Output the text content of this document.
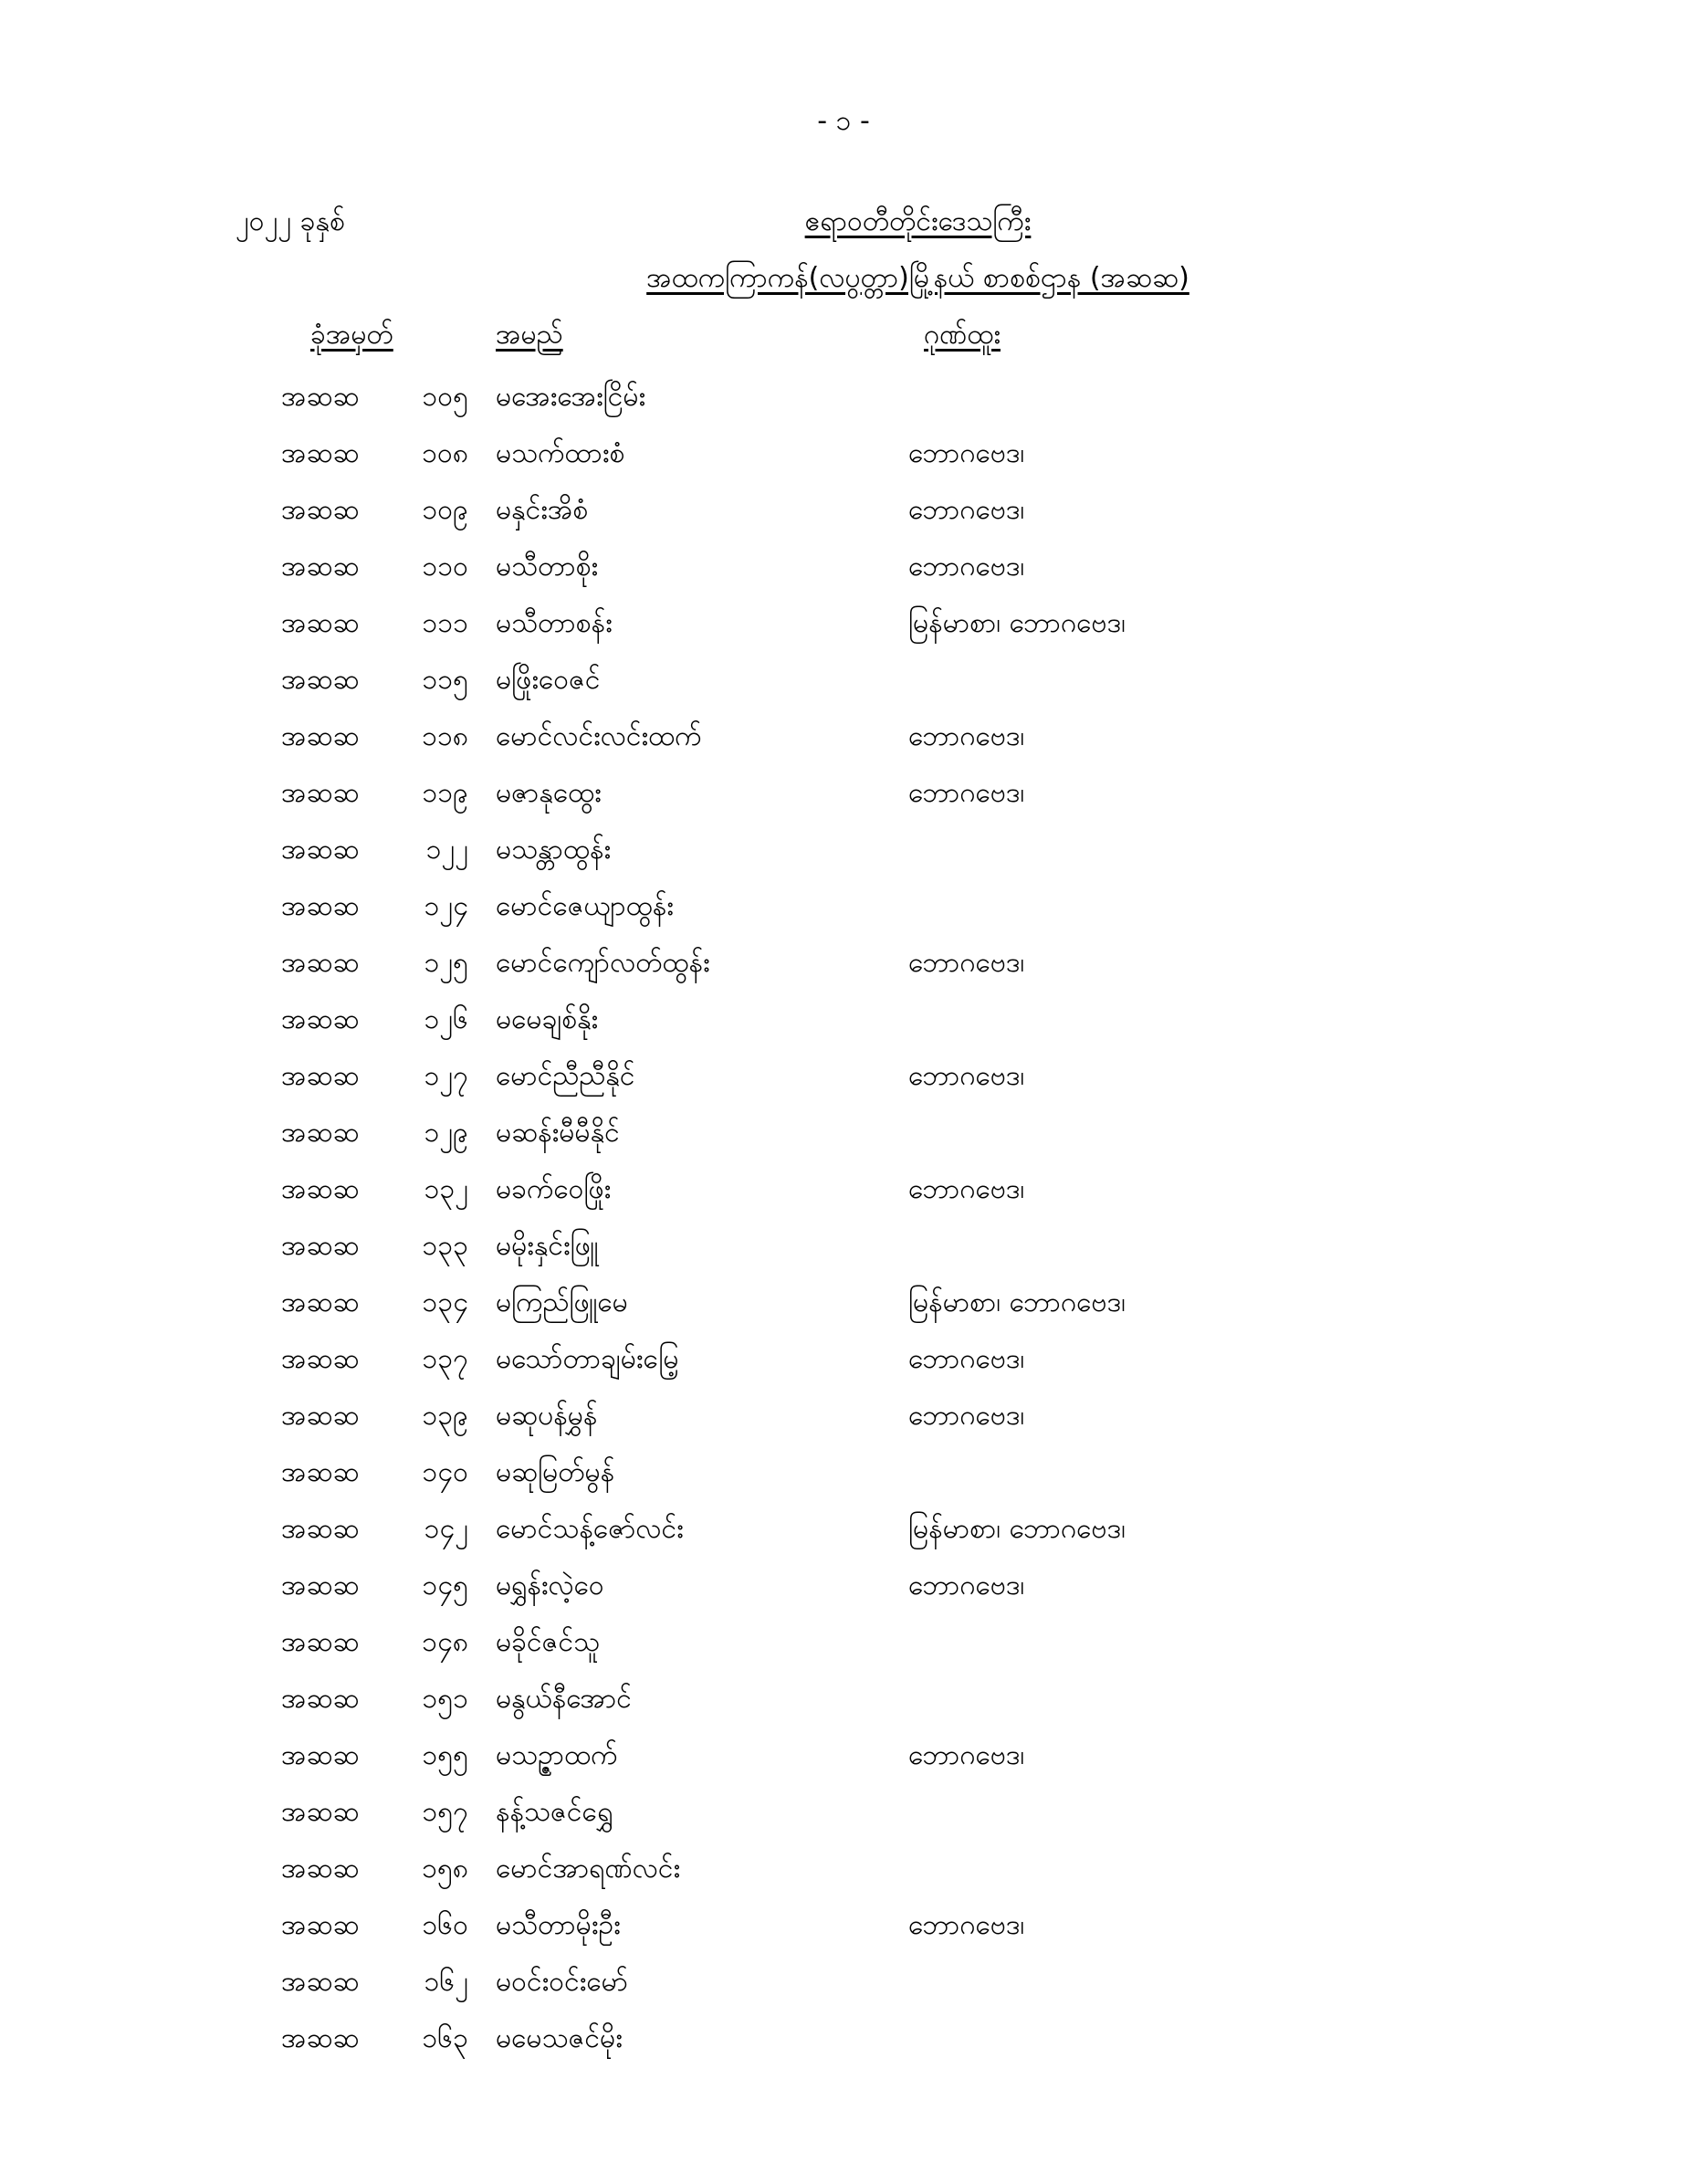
- ၁ -
၂၀၂၂ ခုနှစ်	ဧရာဝတီတိုင်းဒေသကြီး
အထကကြာကန်(လပွတ္တာ)မြို့နယ် စာစစ်ဌာန (အဆဆ)
ခုံအမှတ်	အမည်	ဂုဏ်ထူး
အဆဆ	၁၀၅ မအေးအေးငြိမ်း
အဆဆ	၁၀၈ မသက်ထားစံ	ဘောဂဗေဒ၊
အဆဆ	၁၀၉ မနှင်းအိစံ	ဘောဂဗေဒ၊
အဆဆ	၁၁၀ မသီတာစိုး	ဘောဂဗေဒ၊
အဆဆ	၁၁၁ မသီတာစန်း	မြန်မာစာ၊ ဘောဂဗေဒ၊
အဆဆ	၁၁၅ မဖြိုးဝေဇင်
အဆဆ	၁၁၈ မောင်လင်းလင်းထက်	ဘောဂဗေဒ၊
အဆဆ	၁၁၉ မဇာနုထွေး	ဘောဂဗေဒ၊
အဆဆ	၁၂၂ မသန္တာထွန်း
အဆဆ	၁၂၄ မောင်ဇေယျာထွန်း
အဆဆ	၁၂၅ မောင်ကျော်လတ်ထွန်း	ဘောဂဗေဒ၊
အဆဆ	၁၂၆ မမေချစ်နိုး
အဆဆ	၁၂၇ မောင်ညီညီနိုင်	ဘောဂဗေဒ၊
အဆဆ	၁၂၉ မဆန်းမီမီနိုင်
အဆဆ	၁၃၂ မခက်ဝေဖြိုး	ဘောဂဗေဒ၊
အဆဆ	၁၃၃ မမိုးနှင်းဖြူ
အဆဆ	၁၃၄ မကြည်ဖြူမေ	မြန်မာစာ၊ ဘောဂဗေဒ၊
အဆဆ	၁၃၇ မသော်တာချမ်းမြေ့	ဘောဂဗေဒ၊
အဆဆ	၁၃၉ မဆုပန်မွှန်	ဘောဂဗေဒ၊
အဆဆ	၁၄၀ မဆုမြတ်မွန်
အဆဆ	၁၄၂ မောင်သန့်ဇော်လင်း	မြန်မာစာ၊ ဘောဂဗေဒ၊
အဆဆ	၁၄၅ မရွှန်းလဲ့ဝေ	ဘောဂဗေဒ၊
အဆဆ	၁၄၈ မခိုင်ဇင်သူ
အဆဆ	၁၅၁ မနွယ်နီအောင်
အဆဆ	၁၅၅ မသဉ္ဇာထက်	ဘောဂဗေဒ၊
အဆဆ	၁၅၇ နန့်သဇင်ရွှေ
အဆဆ	၁၅၈ မောင်အာရဏ်လင်း
အဆဆ	၁၆၀ မသီတာမိုးဦး	ဘောဂဗေဒ၊
အဆဆ	၁၆၂ မဝင်းဝင်းမော်
အဆဆ	၁၆၃ မမေသဇင်မိုး
